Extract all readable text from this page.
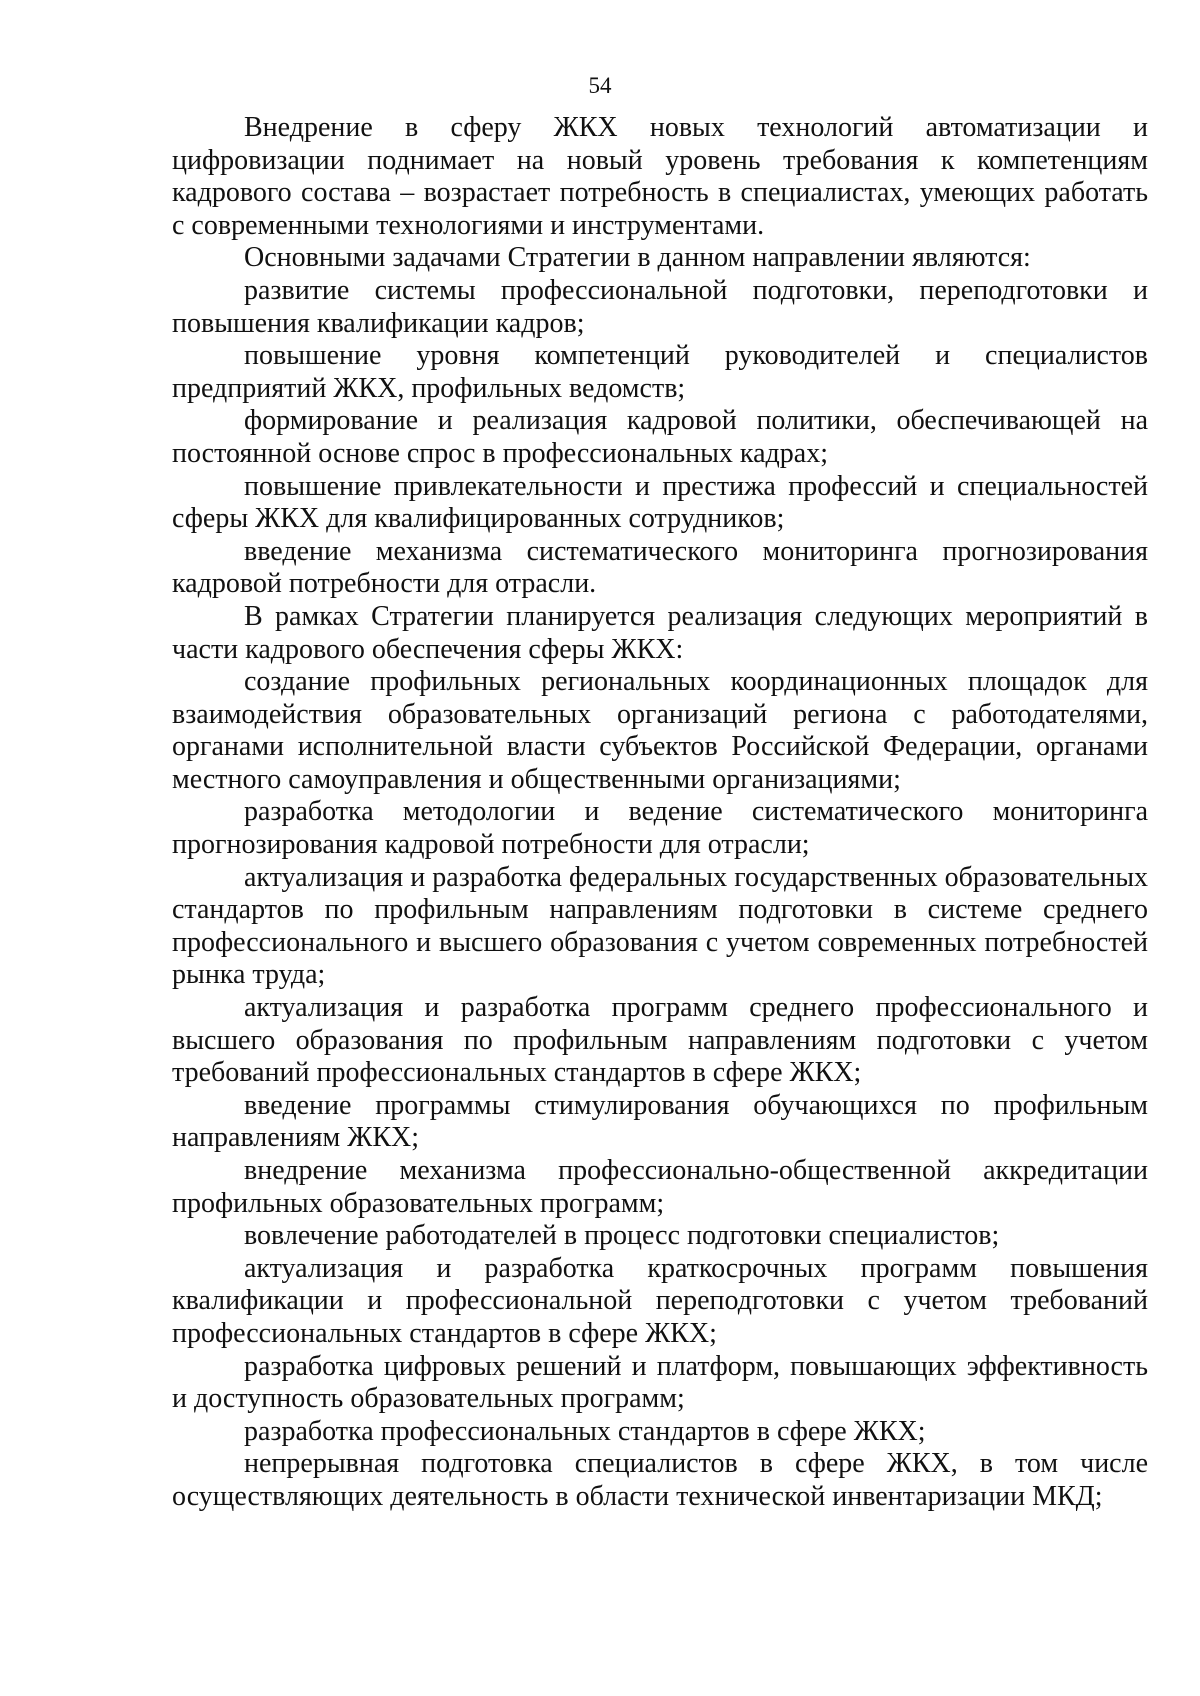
54

Внедрение в сферу ЖКХ новых технологий автоматизации и цифровизации поднимает на новый уровень требования к компетенциям кадрового состава – возрастает потребность в специалистах, умеющих работать с современными технологиями и инструментами.

Основными задачами Стратегии в данном направлении являются:

развитие системы профессиональной подготовки, переподготовки и повышения квалификации кадров;

повышение уровня компетенций руководителей и специалистов предприятий ЖКХ, профильных ведомств;

формирование и реализация кадровой политики, обеспечивающей на постоянной основе спрос в профессиональных кадрах;

повышение привлекательности и престижа профессий и специальностей сферы ЖКХ для квалифицированных сотрудников;

введение механизма систематического мониторинга прогнозирования кадровой потребности для отрасли.

В рамках Стратегии планируется реализация следующих мероприятий в части кадрового обеспечения сферы ЖКХ:

создание профильных региональных координационных площадок для взаимодействия образовательных организаций региона с работодателями, органами исполнительной власти субъектов Российской Федерации, органами местного самоуправления и общественными организациями;

разработка методологии и ведение систематического мониторинга прогнозирования кадровой потребности для отрасли;

актуализация и разработка федеральных государственных образовательных стандартов по профильным направлениям подготовки в системе среднего профессионального и высшего образования с учетом современных потребностей рынка труда;

актуализация и разработка программ среднего профессионального и высшего образования по профильным направлениям подготовки с учетом требований профессиональных стандартов в сфере ЖКХ;

введение программы стимулирования обучающихся по профильным направлениям ЖКХ;

внедрение механизма профессионально-общественной аккредитации профильных образовательных программ;

вовлечение работодателей в процесс подготовки специалистов;

актуализация и разработка краткосрочных программ повышения квалификации и профессиональной переподготовки с учетом требований профессиональных стандартов в сфере ЖКХ;

разработка цифровых решений и платформ, повышающих эффективность и доступность образовательных программ;

разработка профессиональных стандартов в сфере ЖКХ;

непрерывная подготовка специалистов в сфере ЖКХ, в том числе осуществляющих деятельность в области технической инвентаризации МКД;
